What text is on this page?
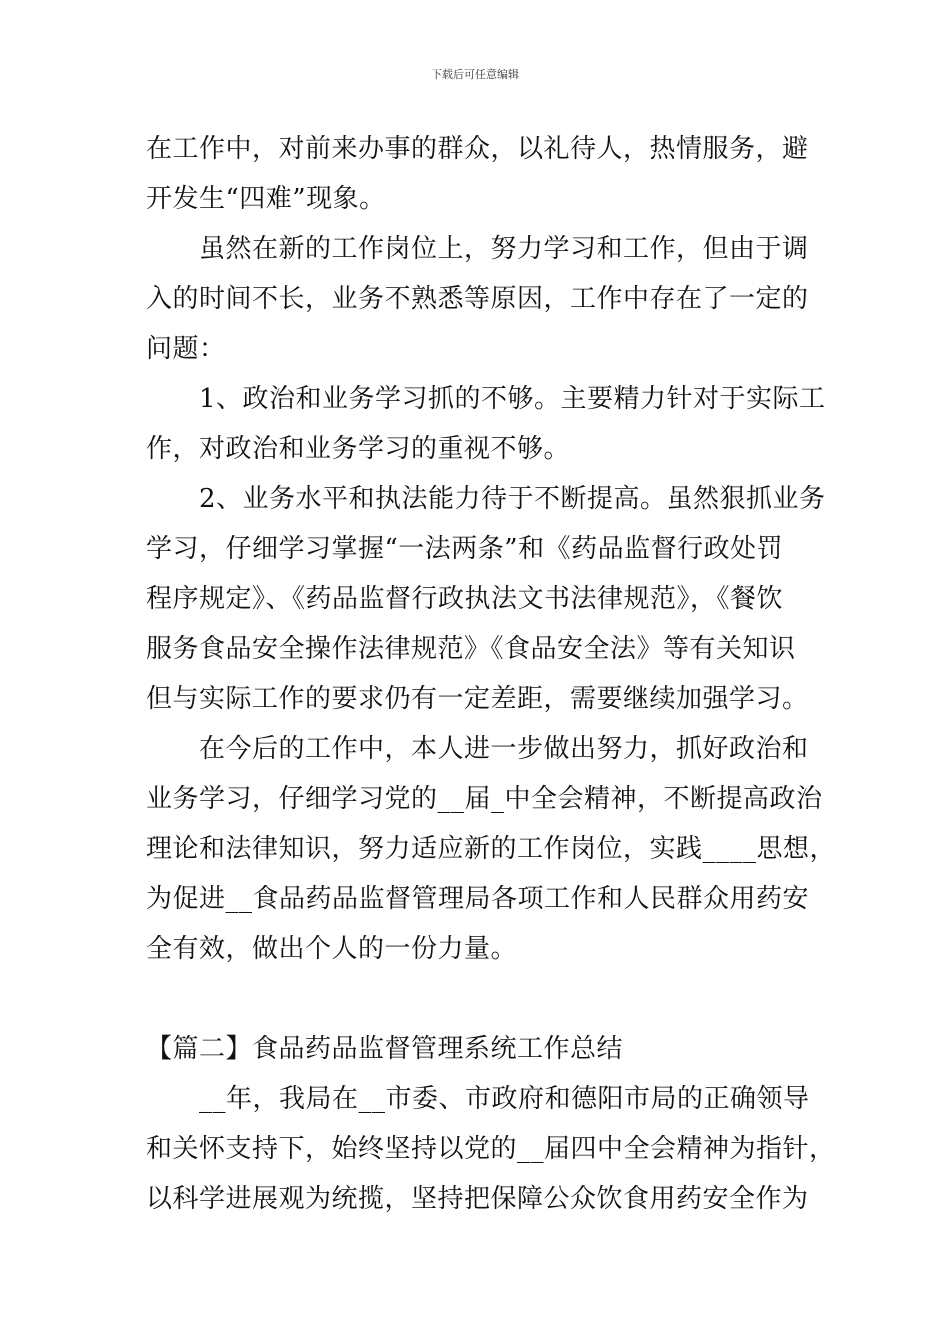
下载后可任意编辑
在工作中，对前来办事的群众，以礼待人，热情服务，避
开发生“四难”现象。
　　虽然在新的工作岗位上，努力学习和工作，但由于调
入的时间不长，业务不熟悉等原因，工作中存在了一定的
问题：
　　1、政治和业务学习抓的不够。主要精力针对于实际工
作，对政治和业务学习的重视不够。
　　2、业务水平和执法能力待于不断提高。虽然狠抓业务
学习，仔细学习掌握“一法两条”和《药品监督行政处罚
程序规定》、《药品监督行政执法文书法律规范》，《餐饮
服务食品安全操作法律规范》《食品安全法》等有关知识
但与实际工作的要求仍有一定差距，需要继续加强学习。
　　在今后的工作中，本人进一步做出努力，抓好政治和
业务学习，仔细学习党的__届_中全会精神，不断提高政治
理论和法律知识，努力适应新的工作岗位，实践____思想，
为促进__食品药品监督管理局各项工作和人民群众用药安
全有效，做出个人的一份力量。
【篇二】食品药品监督管理系统工作总结
　　__年，我局在__市委、市政府和德阳市局的正确领导
和关怀支持下，始终坚持以党的__届四中全会精神为指针，
以科学进展观为统揽，坚持把保障公众饮食用药安全作为
